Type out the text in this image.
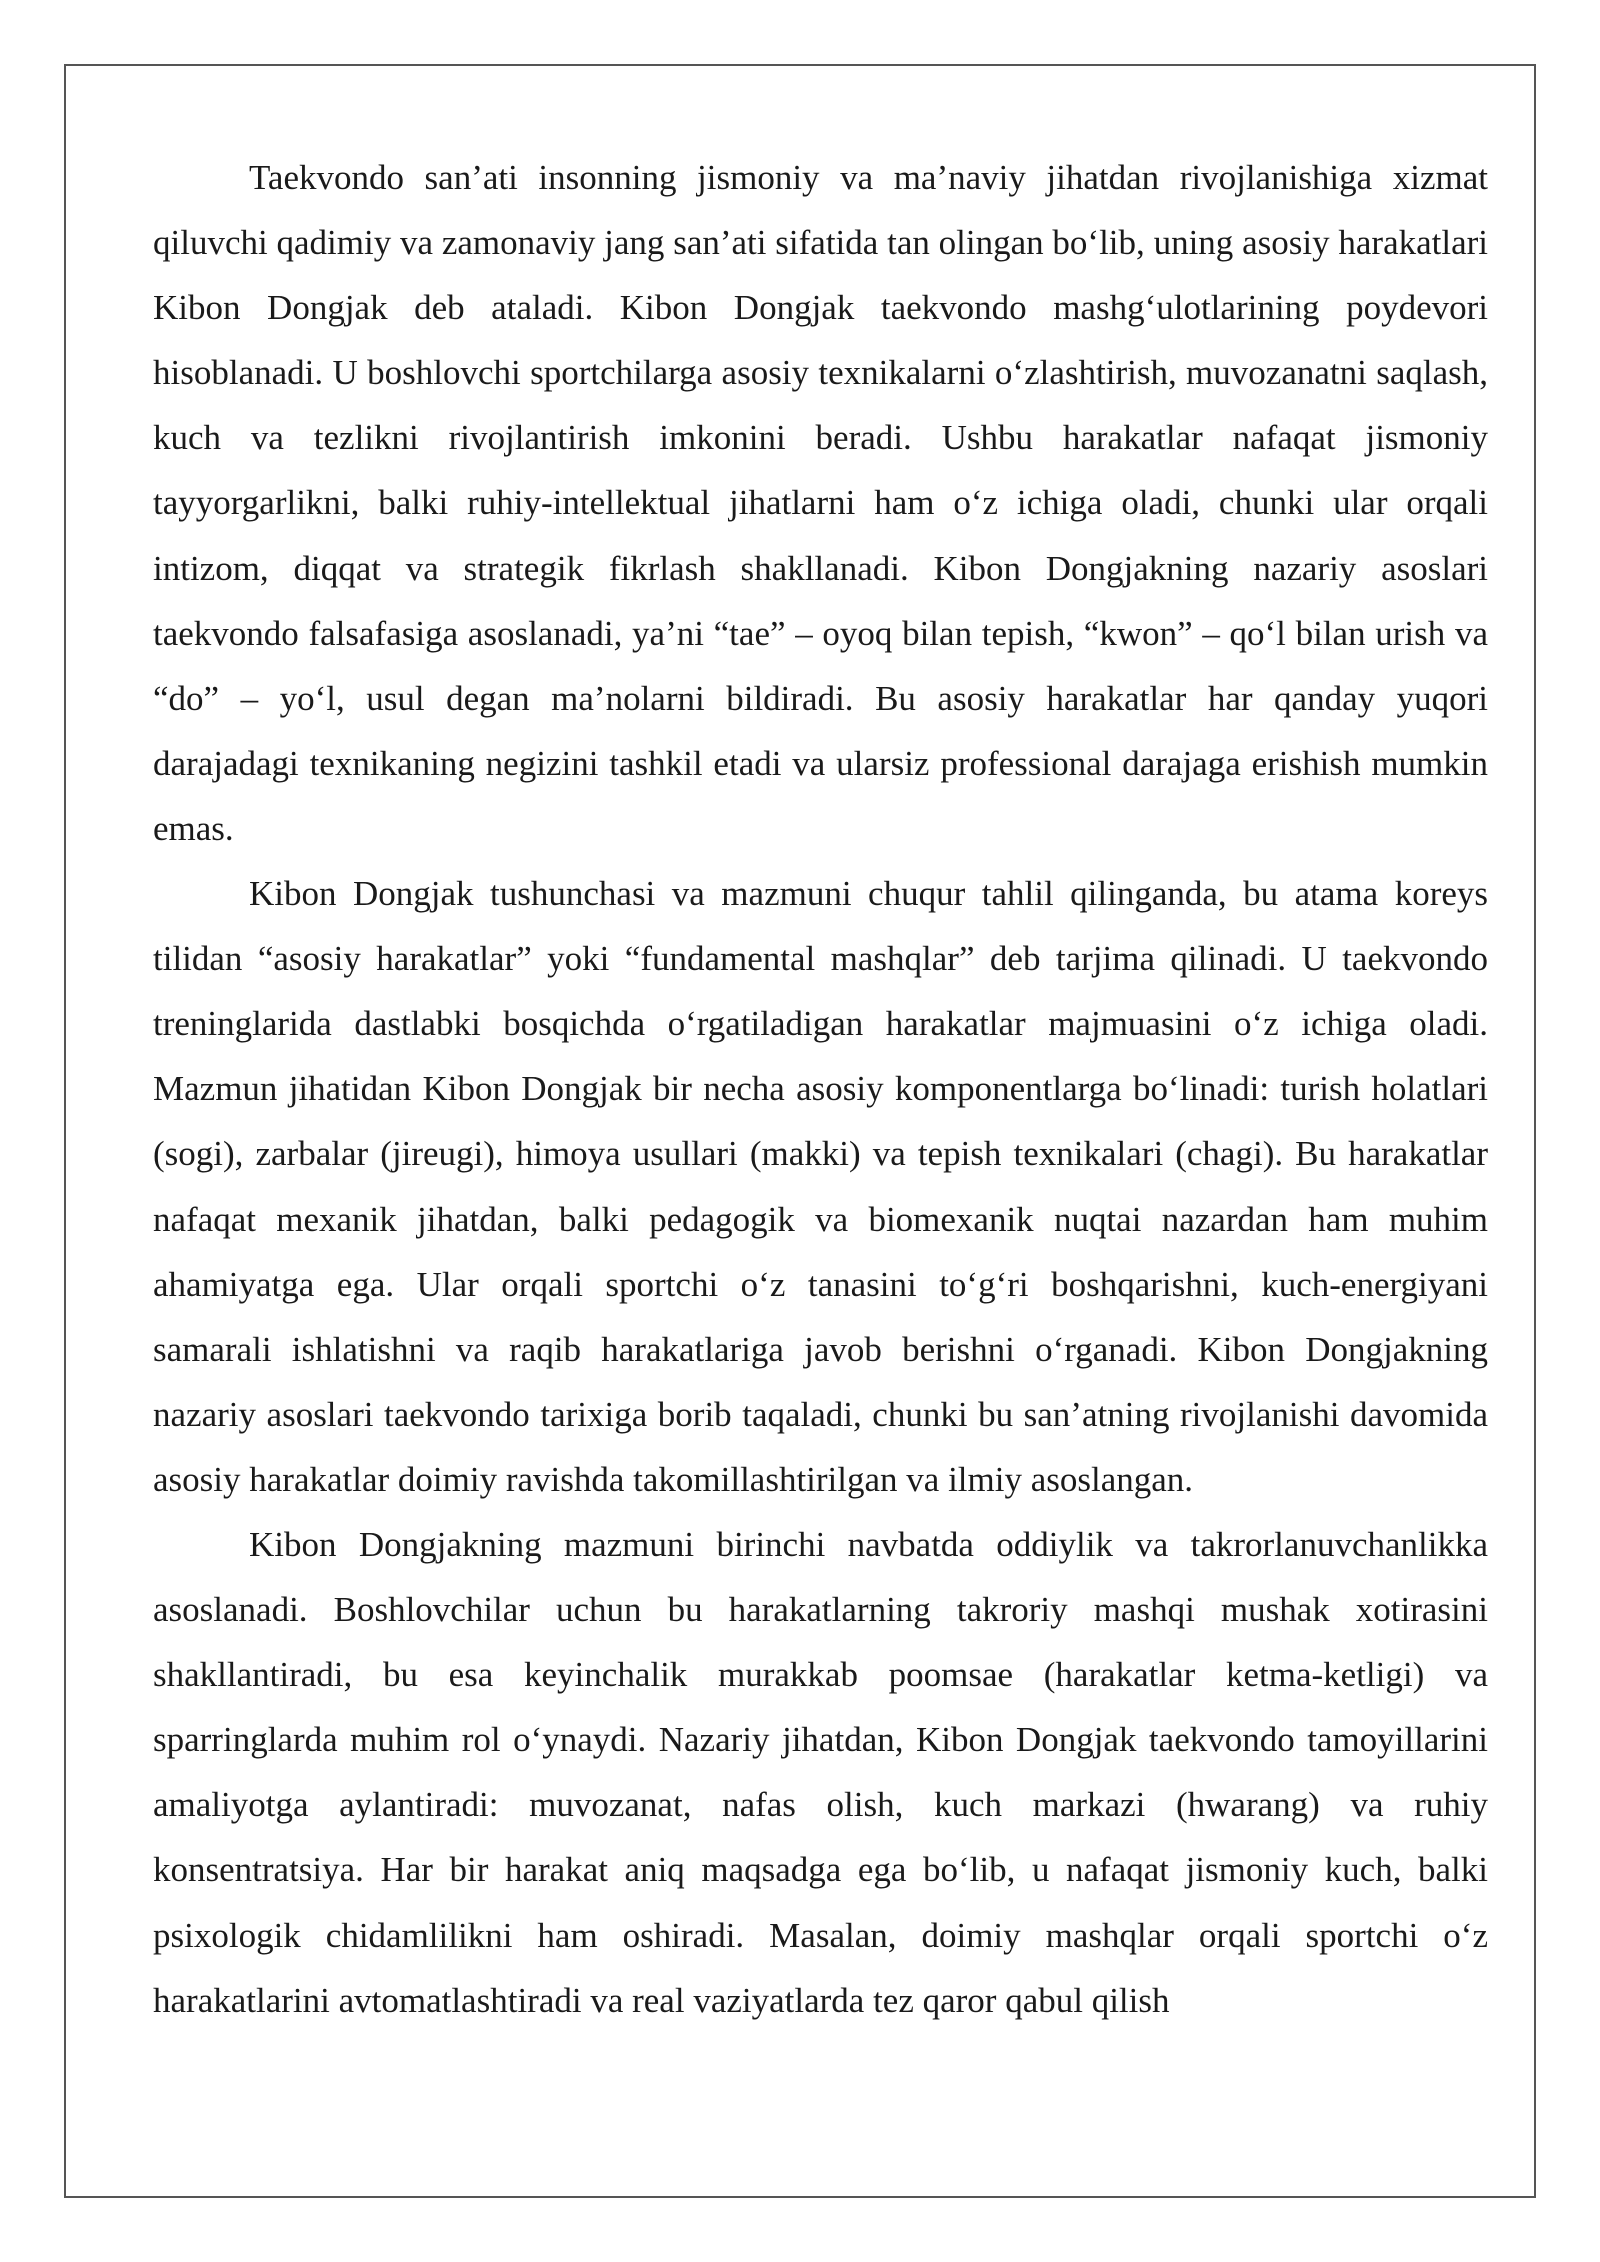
Taekvondo san’ati insonning jismoniy va ma’naviy jihatdan rivojlanishiga xizmat qiluvchi qadimiy va zamonaviy jang san’ati sifatida tan olingan bo‘lib, uning asosiy harakatlari Kibon Dongjak deb ataladi. Kibon Dongjak taekvondo mashg‘ulotlarining poydevori hisoblanadi. U boshlovchi sportchilarga asosiy texnikalarni o‘zlashtirish, muvozanatni saqlash, kuch va tezlikni rivojlantirish imkonini beradi. Ushbu harakatlar nafaqat jismoniy tayyorgarlikni, balki ruhiy-intellektual jihatlarni ham o‘z ichiga oladi, chunki ular orqali intizom, diqqat va strategik fikrlash shakllanadi. Kibon Dongjakning nazariy asoslari taekvondo falsafasiga asoslanadi, ya’ni “tae” – oyoq bilan tepish, “kwon” – qo‘l bilan urish va “do” – yo‘l, usul degan ma’nolarni bildiradi. Bu asosiy harakatlar har qanday yuqori darajadagi texnikaning negizini tashkil etadi va ularsiz professional darajaga erishish mumkin emas.

Kibon Dongjak tushunchasi va mazmuni chuqur tahlil qilinganda, bu atama koreys tilidan “asosiy harakatlar” yoki “fundamental mashqlar” deb tarjima qilinadi. U taekvondo treninglarida dastlabki bosqichda o‘rgatiladigan harakatlar majmuasini o‘z ichiga oladi. Mazmun jihatidan Kibon Dongjak bir necha asosiy komponentlarga bo‘linadi: turish holatlari (sogi), zarbalar (jireugi), himoya usullari (makki) va tepish texnikalari (chagi). Bu harakatlar nafaqat mexanik jihatdan, balki pedagogik va biomexanik nuqtai nazardan ham muhim ahamiyatga ega. Ular orqali sportchi o‘z tanasini to‘g‘ri boshqarishni, kuch-energiyani samarali ishlatishni va raqib harakatlariga javob berishni o‘rganadi. Kibon Dongjakning nazariy asoslari taekvondo tarixiga borib taqaladi, chunki bu san’atning rivojlanishi davomida asosiy harakatlar doimiy ravishda takomillashtirilgan va ilmiy asoslangan.

Kibon Dongjakning mazmuni birinchi navbatda oddiylik va takrorlanuvchanlikka asoslanadi. Boshlovchilar uchun bu harakatlarning takroriy mashqi mushak xotirasini shakllantiradi, bu esa keyinchalik murakkab poomsae (harakatlar ketma-ketligi) va sparringlarda muhim rol o‘ynaydi. Nazariy jihatdan, Kibon Dongjak taekvondo tamoyillarini amaliyotga aylantiradi: muvozanat, nafas olish, kuch markazi (hwarang) va ruhiy konsentratsiya. Har bir harakat aniq maqsadga ega bo‘lib, u nafaqat jismoniy kuch, balki psixologik chidamlilikni ham oshiradi. Masalan, doimiy mashqlar orqali sportchi o‘z harakatlarini avtomatlashtiradi va real vaziyatlarda tez qaror qabul qilish
